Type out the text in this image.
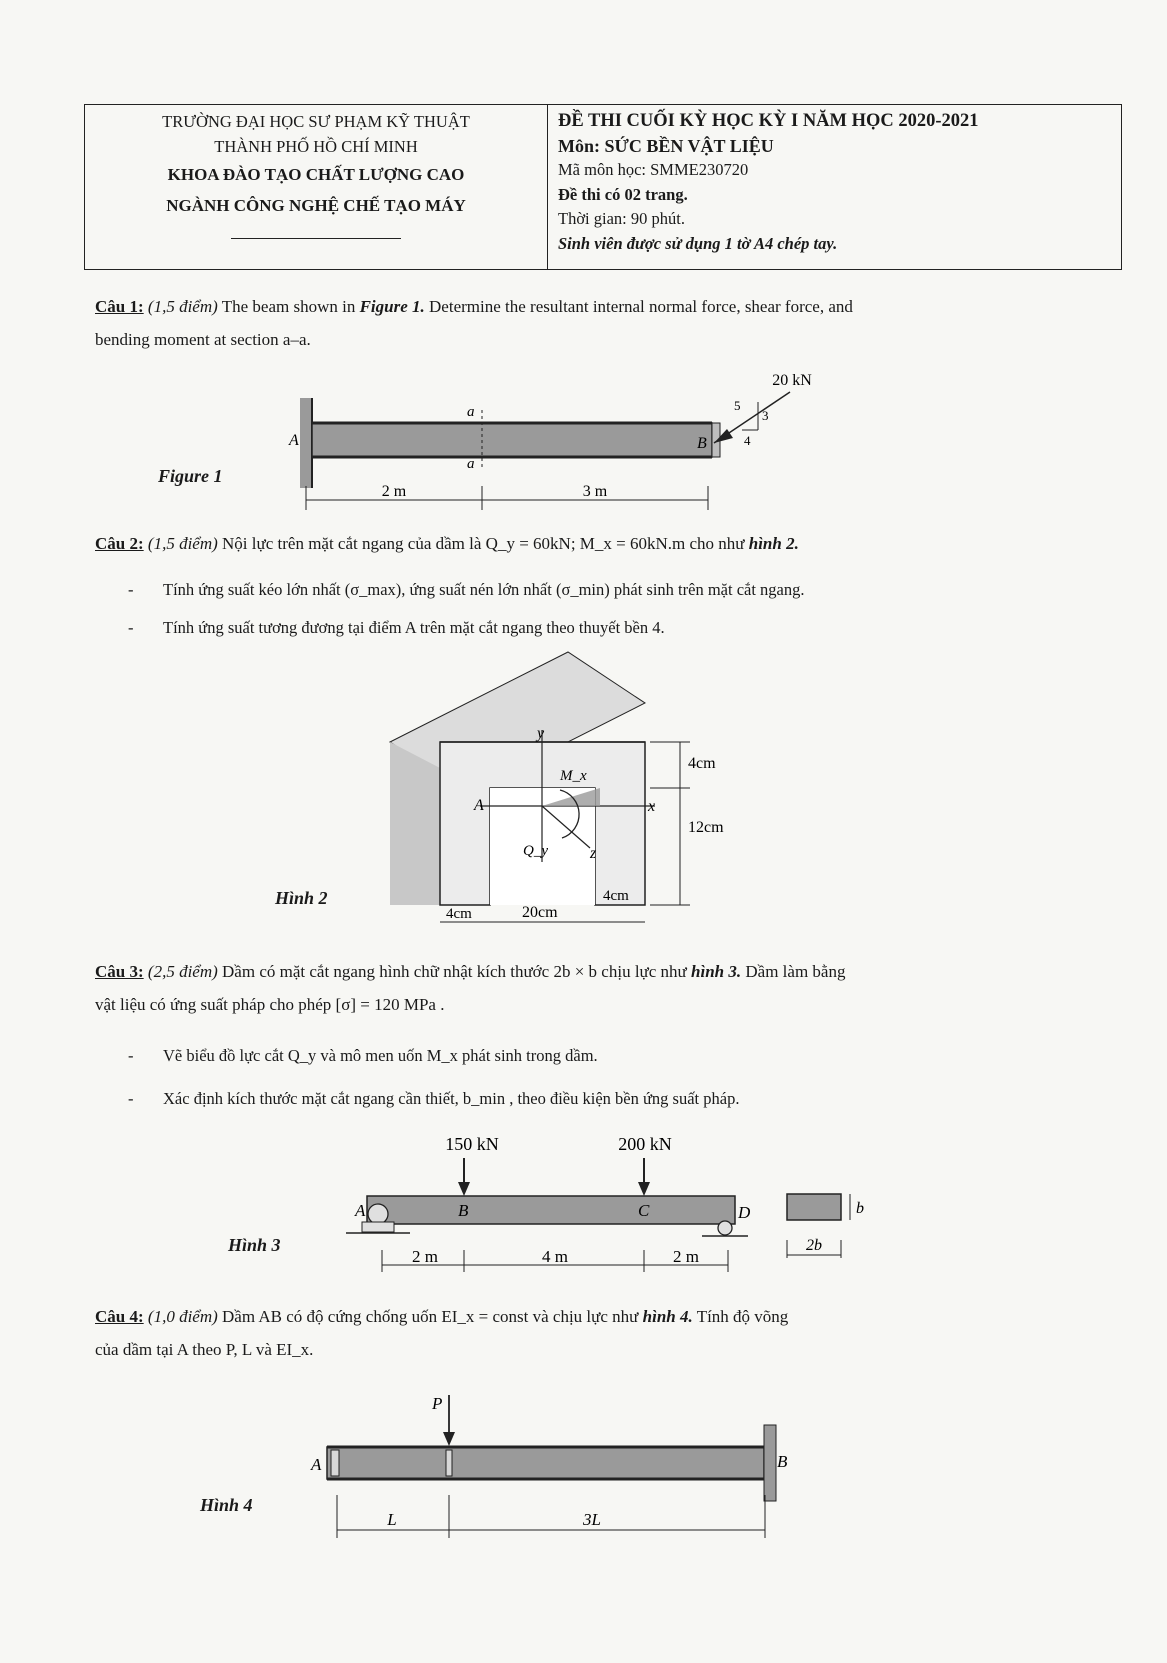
TRƯỜNG ĐẠI HỌC SƯ PHẠM KỸ THUẬT
THÀNH PHỐ HỒ CHÍ MINH
KHOA ĐÀO TẠO CHẤT LƯỢNG CAO
NGÀNH CÔNG NGHỆ CHẾ TẠO MÁY
ĐỀ THI CUỐI KỲ HỌC KỲ I NĂM HỌC 2020-2021
Môn: SỨC BỀN VẬT LIỆU
Mã môn học: SMME230720
Đề thi có 02 trang.
Thời gian: 90 phút.
Sinh viên được sử dụng 1 tờ A4 chép tay.
Câu 1: (1,5 điểm) The beam shown in Figure 1. Determine the resultant internal normal force, shear force, and
bending moment at section a–a.
Figure 1
a
a
A	B
20 kN
5
3
4
2 m	3 m
Câu 2: (1,5 điểm) Nội lực trên mặt cắt ngang của dầm là Q_y = 60kN; M_x = 60kN.m cho như hình 2.
- Tính ứng suất kéo lớn nhất (σ_max), ứng suất nén lớn nhất (σ_min) phát sinh trên mặt cắt ngang.
- Tính ứng suất tương đương tại điểm A trên mặt cắt ngang theo thuyết bền 4.
Hình 2
y
x
z
A
M_x
Q_y
4cm
12cm
4cm	20cm
4cm
Câu 3: (2,5 điểm) Dầm có mặt cắt ngang hình chữ nhật kích thước 2b × b chịu lực như hình 3. Dầm làm bằng
vật liệu có ứng suất pháp cho phép [σ] = 120 MPa .
- Vẽ biểu đồ lực cắt Q_y và mô men uốn M_x phát sinh trong dầm.
- Xác định kích thước mặt cắt ngang cần thiết, b_min , theo điều kiện bền ứng suất pháp.
Hình 3
150 kN	200 kN
A	B	C	D
2 m	4 m	2 m
b
2b
Câu 4: (1,0 điểm) Dầm AB có độ cứng chống uốn EI_x = const và chịu lực như hình 4. Tính độ võng
của dầm tại A theo P, L và EI_x.
Hình 4
P
A	B
L	3L
